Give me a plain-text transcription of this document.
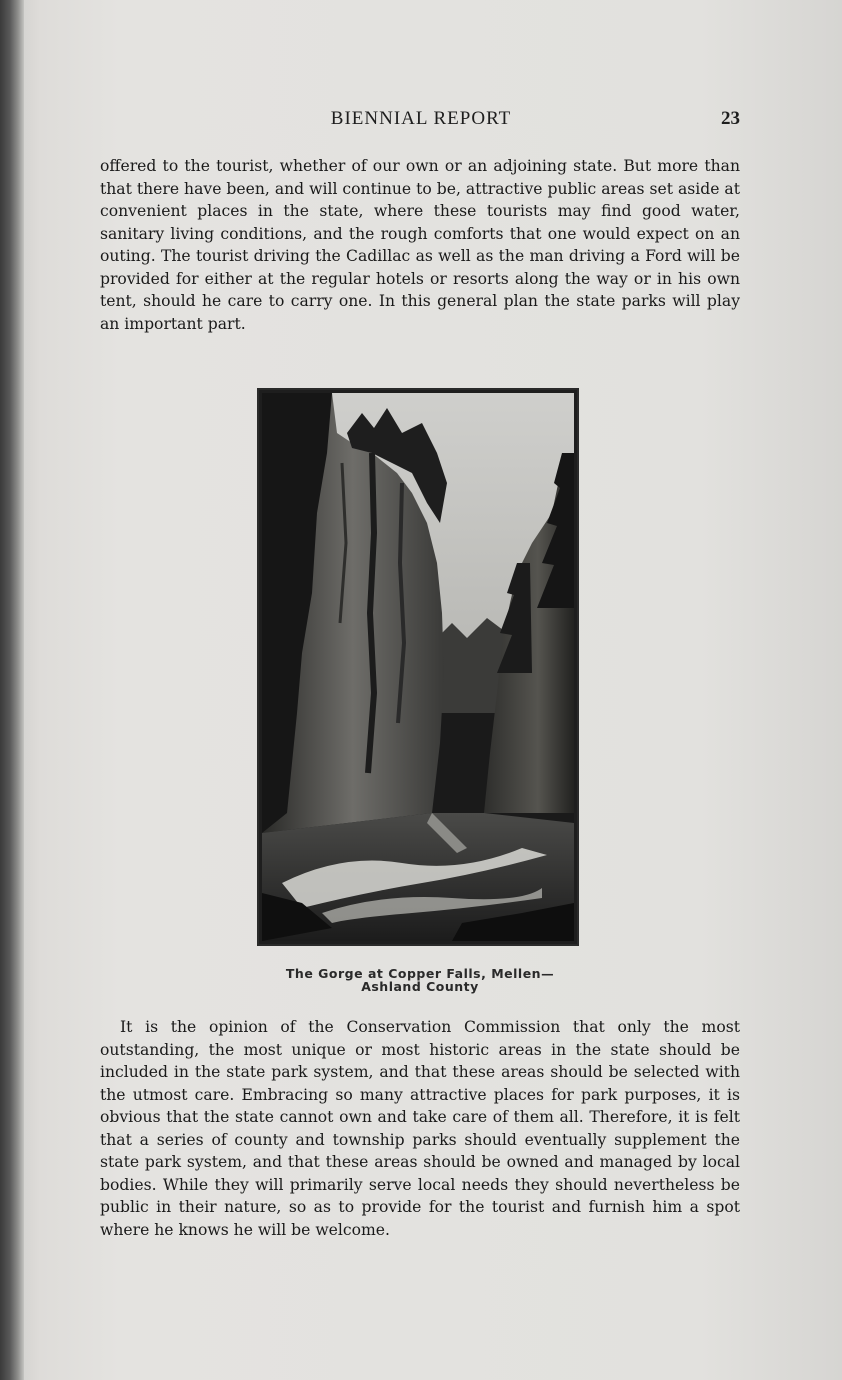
BIENNIAL REPORT	23
offered to the tourist, whether of our own or an adjoining state. But more than that there have been, and will continue to be, attractive public areas set aside at convenient places in the state, where these tourists may find good water, sanitary living conditions, and the rough comforts that one would expect on an outing. The tourist driving the Cadillac as well as the man driving a Ford will be provided for either at the regular hotels or resorts along the way or in his own tent, should he care to carry one. In this general plan the state parks will play an important part.
The Gorge at Copper Falls, Mellen—
Ashland County
It is the opinion of the Conservation Commission that only the most outstanding, the most unique or most historic areas in the state should be included in the state park system, and that these areas should be selected with the utmost care. Embracing so many attractive places for park purposes, it is obvious that the state cannot own and take care of them all. Therefore, it is felt that a series of county and township parks should eventually supplement the state park system, and that these areas should be owned and managed by local bodies. While they will primarily serve local needs they should nevertheless be public in their nature, so as to provide for the tourist and furnish him a spot where he knows he will be welcome.
